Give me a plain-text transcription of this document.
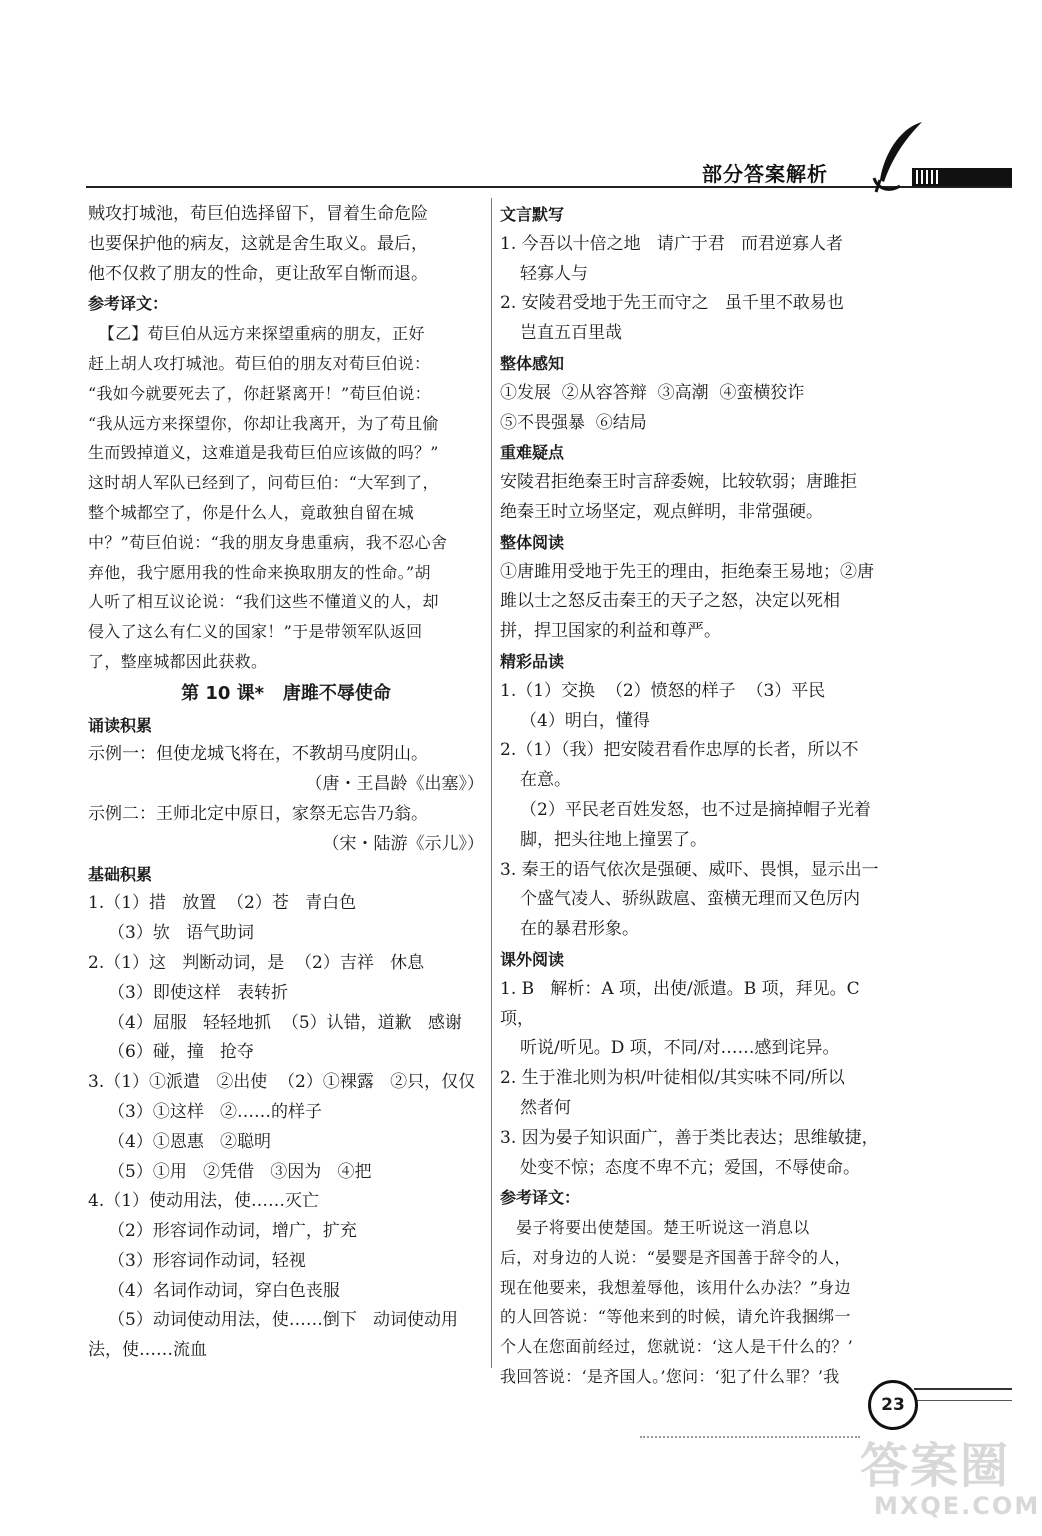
部分答案解析

贼攻打城池，荀巨伯选择留下，冒着生命危险

也要保护他的病友，这就是舍生取义。最后，

他不仅救了朋友的性命，更让敌军自惭而退。

参考译文：

【乙】荀巨伯从远方来探望重病的朋友，正好

赶上胡人攻打城池。荀巨伯的朋友对荀巨伯说：

“我如今就要死去了，你赶紧离开！”荀巨伯说：

“我从远方来探望你，你却让我离开，为了苟且偷

生而毁掉道义，这难道是我荀巨伯应该做的吗？”

这时胡人军队已经到了，问荀巨伯：“大军到了，

整个城都空了，你是什么人，竟敢独自留在城

中？”荀巨伯说：“我的朋友身患重病，我不忍心舍

弃他，我宁愿用我的性命来换取朋友的性命。”胡

人听了相互议论说：“我们这些不懂道义的人，却

侵入了这么有仁义的国家！”于是带领军队返回

了，整座城都因此获救。

第 10 课*   唐雎不辱使命

诵读积累

示例一：但使龙城飞将在，不教胡马度阴山。

（唐・王昌龄《出塞》）

示例二：王师北定中原日，家祭无忘告乃翁。

（宋・陆游《示儿》）

基础积累

1.（1）措   放置  （2）苍   青白色

（3）欤   语气助词

2.（1）这   判断动词，是  （2）吉祥   休息

（3）即使这样   表转折

（4）屈服   轻轻地抓  （5）认错，道歉   感谢

（6）碰，撞   抢夺

3.（1）①派遣   ②出使  （2）①裸露   ②只，仅仅

（3）①这样   ②……的样子

（4）①恩惠   ②聪明

（5）①用   ②凭借   ③因为   ④把

4.（1）使动用法，使……灭亡

（2）形容词作动词，增广，扩充

（3）形容词作动词，轻视

（4）名词作动词，穿白色丧服

（5）动词使动用法，使……倒下   动词使动用

法，使……流血

文言默写

1. 今吾以十倍之地   请广于君   而君逆寡人者

轻寡人与

2. 安陵君受地于先王而守之   虽千里不敢易也

岂直五百里哉

整体感知

①发展  ②从容答辩  ③高潮  ④蛮横狡诈

⑤不畏强暴  ⑥结局

重难疑点

安陵君拒绝秦王时言辞委婉，比较软弱；唐雎拒

绝秦王时立场坚定，观点鲜明，非常强硬。

整体阅读

①唐雎用受地于先王的理由，拒绝秦王易地；②唐

雎以士之怒反击秦王的天子之怒，决定以死相

拼，捍卫国家的利益和尊严。

精彩品读

1.（1）交换  （2）愤怒的样子  （3）平民

（4）明白，懂得

2.（1）（我）把安陵君看作忠厚的长者，所以不

在意。

（2）平民老百姓发怒，也不过是摘掉帽子光着

脚，把头往地上撞罢了。

3. 秦王的语气依次是强硬、威吓、畏惧，显示出一

个盛气凌人、骄纵跋扈、蛮横无理而又色厉内

在的暴君形象。

课外阅读

1. B   解析：A 项，出使/派遣。B 项，拜见。C 项，

听说/听见。D 项，不同/对……感到诧异。

2. 生于淮北则为枳/叶徒相似/其实味不同/所以

然者何

3. 因为晏子知识面广，善于类比表达；思维敏捷，

处变不惊；态度不卑不亢；爱国，不辱使命。

参考译文：

晏子将要出使楚国。楚王听说这一消息以

后，对身边的人说：“晏婴是齐国善于辞令的人，

现在他要来，我想羞辱他，该用什么办法？”身边

的人回答说：“等他来到的时候，请允许我捆绑一

个人在您面前经过，您就说：‘这人是干什么的？’

我回答说：‘是齐国人。’您问：‘犯了什么罪？’我

23
答案圈
MXQE.COM
